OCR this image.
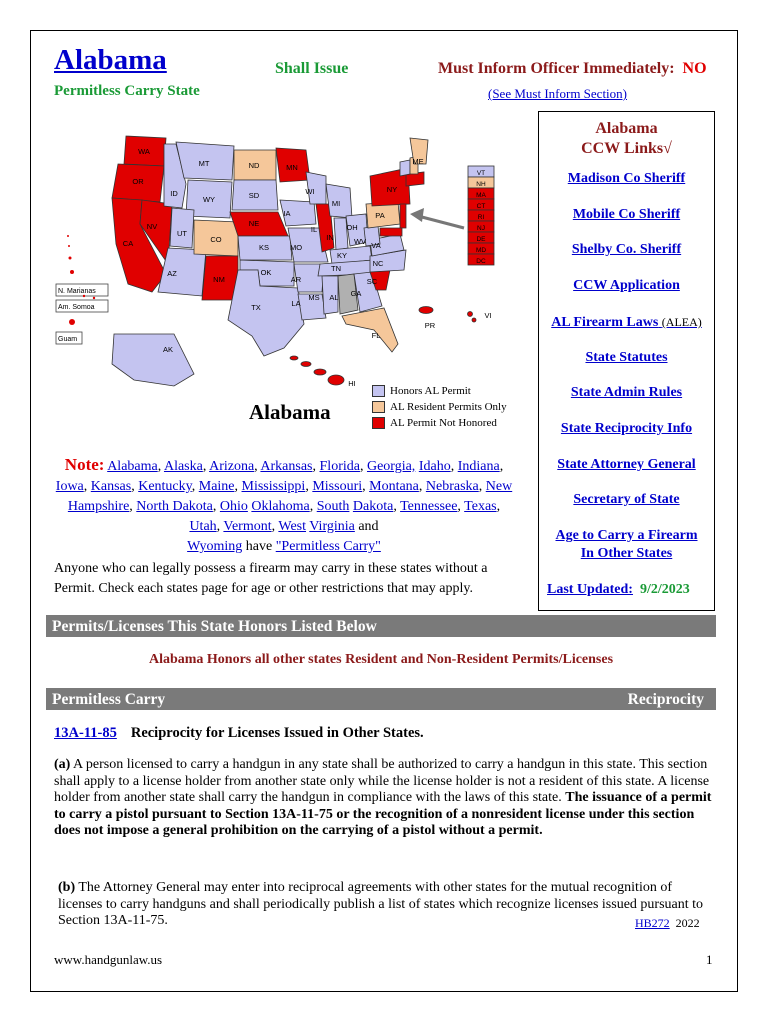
Alabama
Permitless Carry State
Shall Issue	Must Inform Officer Immediately: NO
(See Must Inform Section)
Alabama
CCW Links√
Madison Co Sheriff
Mobile Co Sheriff
Shelby Co. Sheriff
CCW Application
AL Firearm Laws (ALEA)
State Statutes
State Admin Rules
State Reciprocity Info
State Attorney General
Secretary of State
Age to Carry a Firearm In Other States
Last Updated: 9/2/2023
WA
OR
CA
NV
ID
MT
WY
UT
AZ
CO
NM
ND
SD
NE
KS
OK
TX
MN
IA
MO
AR
LA
WI
IL
MI
IN
OH
KY
TN
MS AL GA
FL
SC
NC
VA
WV
PA
NY
ME
AK
HI
PR
VI
VT
NH
MA
CT
RI
NJ
DE
MD
DC
N. Marianas
Am. Somoa
Guam
Honors AL Permit
AL Resident Permits Only
AL Permit Not Honored
Alabama
Note: Alabama, Alaska, Arizona, Arkansas, Florida, Georgia, Idaho, Indiana, Iowa, Kansas, Kentucky, Maine, Mississippi, Missouri, Montana, Nebraska, New Hampshire, North Dakota, Ohio Oklahoma, South Dakota, Tennessee, Texas, Utah, Vermont, West Virginia and
Wyoming have "Permitless Carry"
Anyone who can legally possess a firearm may carry in these states without a Permit. Check each states page for age or other restrictions that may apply.
Permits/Licenses This State Honors Listed Below
Alabama Honors all other states Resident and Non-Resident Permits/Licenses
Permitless Carry	Reciprocity
13A-11-85 Reciprocity for Licenses Issued in Other States.
(a) A person licensed to carry a handgun in any state shall be authorized to carry a handgun in this state. This section shall apply to a license holder from another state only while the license holder is not a resident of this state. A license holder from another state shall carry the handgun in compliance with the laws of this state. The issuance of a permit to carry a pistol pursuant to Section 13A-11-75 or the recognition of a nonresident license under this section does not impose a general prohibition on the carrying of a pistol without a permit.
(b) The Attorney General may enter into reciprocal agreements with other states for the mutual recognition of licenses to carry handguns and shall periodically publish a list of states which recognize licenses issued pursuant to Section 13A-11-75.	HB272 2022
www.handgunlaw.us	1
